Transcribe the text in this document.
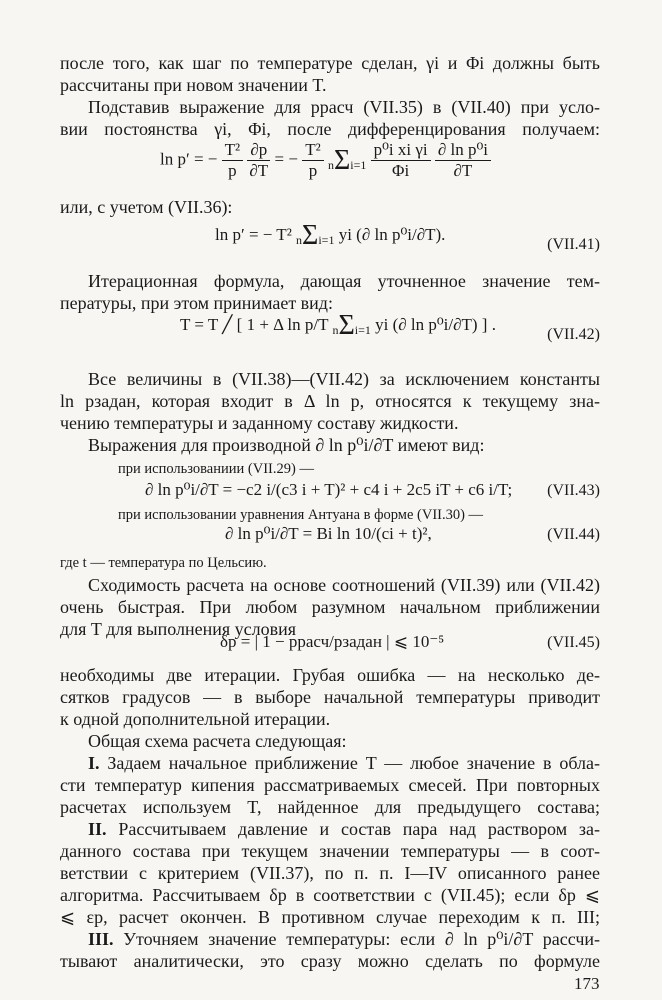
после того, как шаг по температуре сделан, γi и Φi должны быть
рассчитаны при новом значении T.
Подставив выражение для pрасч (VII.35) в (VII.40) при усло-
вии постоянства γi, Φi, после дифференцирования получаем:
ln p′ = − $\frac{\text{T²}}{p}$
$\frac{\partial p}{\partial T}$ = − $\frac{\text{T²}}{p} n\Sigma i=1 \frac{\text{p⁰i xi γi}}{\Phi i}$
$\frac{\text{∂ ln p⁰i}}{\partial T}$
или, с учетом (VII.36):
ln p′ = − T² nΣi=1 yi (∂ ln p⁰i/∂T).
(VII.41)
Итерационная формула, дающая уточненное значение тем-
пературы, при этом принимает вид:
T = T ╱ [ 1 + Δ ln p/T nΣi=1 yi (∂ ln p⁰i/∂T) ] .
(VII.42)
Все величины в (VII.38)—(VII.42) за исключением константы
ln pзадан, которая входит в Δ ln p, относятся к текущему зна-
чению температуры и заданному составу жидкости.
Выражения для производной ∂ ln p⁰i/∂T имеют вид:
при использованиии (VII.29) —
∂ ln p⁰i/∂T = −c2 i/(c3 i + T)² + c4 i + 2c5 iT + c6 i/T; (VII.43)
при использовании уравнения Антуана в форме (VII.30) —
∂ ln p⁰i/∂T = Bi ln 10/(ci + t)²,	(VII.44)
где t — температура по Цельсию.
Сходимость расчета на основе соотношений (VII.39) или (VII.42)
очень быстрая. При любом разумном начальном приближении
для T для выполнения условия
δp = | 1 − pрасч/pзадан | ⩽ 10⁻⁵	(VII.45)
необходимы две итерации. Грубая ошибка — на несколько де-
сятков градусов — в выборе начальной температуры приводит
к одной дополнительной итерации.
Общая схема расчета следующая:
I. Задаем начальное приближение T — любое значение в обла-
сти температур кипения рассматриваемых смесей. При повторных
расчетах используем T, найденное для предыдущего состава;
II. Рассчитываем давление и состав пара над раствором за-
данного состава при текущем значении температуры — в соот-
ветствии с критерием (VII.37), по п. п. I—IV описанного ранее
алгоритма. Рассчитываем δp в соответствии с (VII.45); если δp ⩽
⩽ εp, расчет окончен. В противном случае переходим к п. III;
III. Уточняем значение температуры: если ∂ ln p⁰i/∂T рассчи-
тывают аналитически, это сразу можно сделать по формуле
173
